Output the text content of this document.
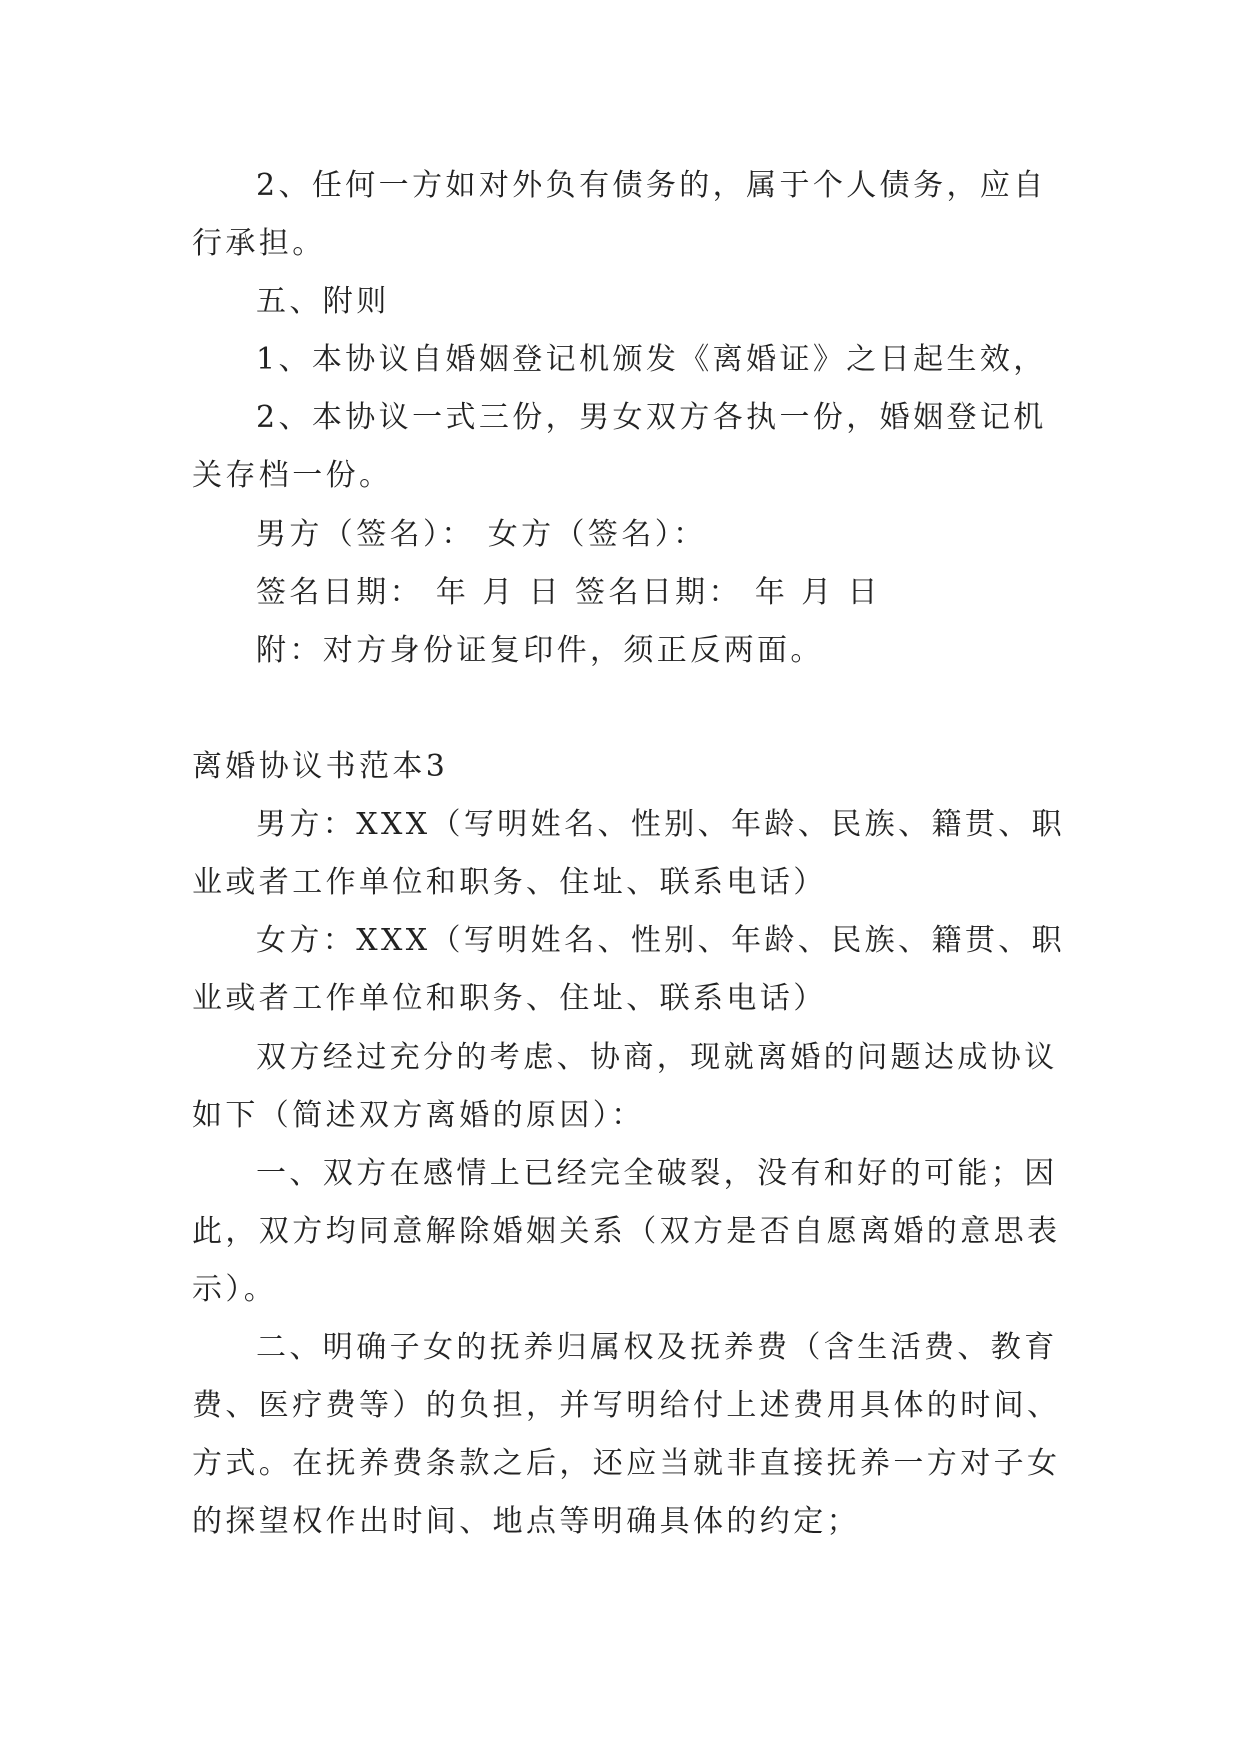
2、任何一方如对外负有债务的，属于个人债务，应自
行承担。
五、附则
1、本协议自婚姻登记机颁发《离婚证》之日起生效，
2、本协议一式三份，男女双方各执一份，婚姻登记机
关存档一份。
男方（签名）： 女方（签名）：
签名日期： 年 月 日 签名日期： 年 月 日
附：对方身份证复印件，须正反两面。
离婚协议书范本3
男方：XXX（写明姓名、性别、年龄、民族、籍贯、职
业或者工作单位和职务、住址、联系电话）
女方：XXX（写明姓名、性别、年龄、民族、籍贯、职
业或者工作单位和职务、住址、联系电话）
双方经过充分的考虑、协商，现就离婚的问题达成协议
如下（简述双方离婚的原因）：
一、双方在感情上已经完全破裂，没有和好的可能；因
此，双方均同意解除婚姻关系（双方是否自愿离婚的意思表
示）。
二、明确子女的抚养归属权及抚养费（含生活费、教育
费、医疗费等）的负担，并写明给付上述费用具体的时间、
方式。在抚养费条款之后，还应当就非直接抚养一方对子女
的探望权作出时间、地点等明确具体的约定；
